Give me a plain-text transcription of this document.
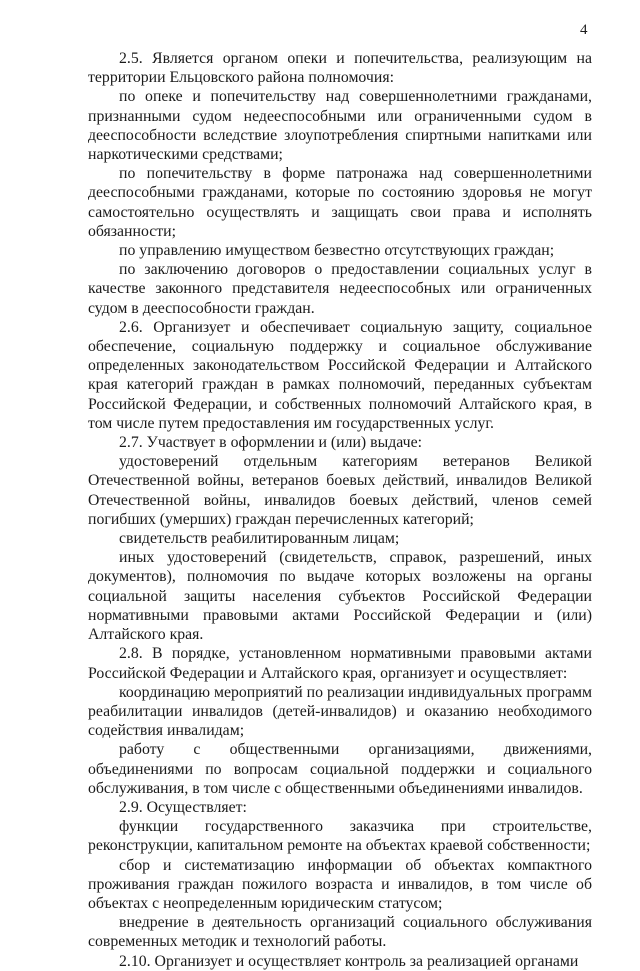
4

2.5. Является органом опеки и попечительства, реализующим на территории Ельцовского района полномочия:

по опеке и попечительству над совершеннолетними гражданами, признанными судом недееспособными или ограниченными судом в дееспособности вследствие злоупотребления спиртными напитками или наркотическими средствами;

по попечительству в форме патронажа над совершеннолетними дееспособными гражданами, которые по состоянию здоровья не могут самостоятельно осуществлять и защищать свои права и исполнять обязанности;

по управлению имуществом безвестно отсутствующих граждан;

по заключению договоров о предоставлении социальных услуг в качестве законного представителя недееспособных или ограниченных судом в дееспособности граждан.

2.6. Организует и обеспечивает социальную защиту, социальное обеспечение, социальную поддержку и социальное обслуживание определенных законодательством Российской Федерации и Алтайского края категорий граждан в рамках полномочий, переданных субъектам Российской Федерации, и собственных полномочий Алтайского края, в том числе путем предоставления им государственных услуг.

2.7. Участвует в оформлении и (или) выдаче:

удостоверений отдельным категориям ветеранов Великой Отечественной войны, ветеранов боевых действий, инвалидов Великой Отечественной войны, инвалидов боевых действий, членов семей погибших (умерших) граждан перечисленных категорий;

свидетельств реабилитированным лицам;

иных удостоверений (свидетельств, справок, разрешений, иных документов), полномочия по выдаче которых возложены на органы социальной защиты населения субъектов Российской Федерации нормативными правовыми актами Российской Федерации и (или) Алтайского края.

2.8. В порядке, установленном нормативными правовыми актами Российской Федерации и Алтайского края, организует и осуществляет:

координацию мероприятий по реализации индивидуальных программ реабилитации инвалидов (детей-инвалидов) и оказанию необходимого содействия инвалидам;

работу с общественными организациями, движениями, объединениями по вопросам социальной поддержки и социального обслуживания, в том числе с общественными объединениями инвалидов.

2.9. Осуществляет:

функции государственного заказчика при строительстве, реконструкции, капитальном ремонте на объектах краевой собственности;

сбор и систематизацию информации об объектах компактного проживания граждан пожилого возраста и инвалидов, в том числе об объектах с неопределенным юридическим статусом;

внедрение в деятельность организаций социального обслуживания современных методик и технологий работы.

2.10. Организует и осуществляет контроль за реализацией органами
